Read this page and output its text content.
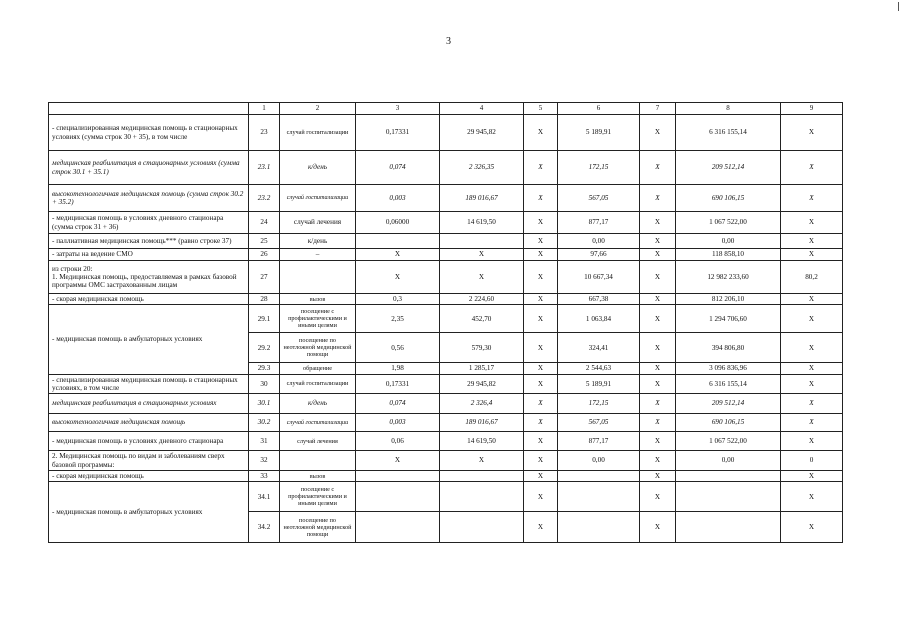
3
	1	2	3	4	5	6	7	8	9
- специализированная медицинская помощь в стационарных условиях (сумма строк 30 + 35), в том числе	23	случай госпитализации	0,17331	29 945,82	X	5 189,91	X	6 316 155,14	X
медицинская реабилитация в стационарных условиях (сумма строк 30.1 + 35.1)	23.1	к/день	0,074	2 326,35	X	172,15	X	209 512,14	X
высокотехнологичная медицинская помощь (сумма строк 30.2 + 35.2)	23.2	случай госпитализации	0,003	189 016,67	X	567,05	X	690 106,15	X
- медицинская помощь в условиях дневного стационара (сумма строк 31 + 36)	24	случай лечения	0,06000	14 619,50	X	877,17	X	1 067 522,00	X
- паллиативная медицинская помощь*** (равно строке 37)	25	к/день			X	0,00	X	0,00	X
- затраты на ведение СМО	26	–	X	X	X	97,66	X	118 858,10	X
из строки 20:
1. Медицинская помощь, предоставляемая в рамках базовой программы ОМС застрахованным лицам	27		X	X	X	10 667,34	X	12 982 233,60	80,2
- скорая медицинская помощь	28	вызов	0,3	2 224,60	X	667,38	X	812 206,10	X
- медицинская помощь в амбулаторных условиях	29.1	посещение с профилактическими и иными целями	2,35	452,70	X	1 063,84	X	1 294 706,60	X
	29.2	посещение по неотложной медицинской помощи	0,56	579,30	X	324,41	X	394 806,80	X
	29.3	обращение	1,98	1 285,17	X	2 544,63	X	3 096 836,96	X
- специализированная медицинская помощь в стационарных условиях, в том числе	30	случай госпитализации	0,17331	29 945,82	X	5 189,91	X	6 316 155,14	X
медицинская реабилитация в стационарных условиях	30.1	к/день	0,074	2 326,4	X	172,15	X	209 512,14	X
высокотехнологичная медицинская помощь	30.2	случай госпитализации	0,003	189 016,67	X	567,05	X	690 106,15	X
- медицинская помощь в условиях дневного стационара	31	случай лечения	0,06	14 619,50	X	877,17	X	1 067 522,00	X
2. Медицинская помощь по видам и заболеваниям сверх базовой программы:	32		X	X	X	0,00	X	0,00	0
- скорая медицинская помощь	33	вызов			X		X		X
- медицинская помощь в амбулаторных условиях	34.1	посещение с профилактическими и иными целями			X		X		X
	34.2	посещение по неотложной медицинской помощи			X		X		X
